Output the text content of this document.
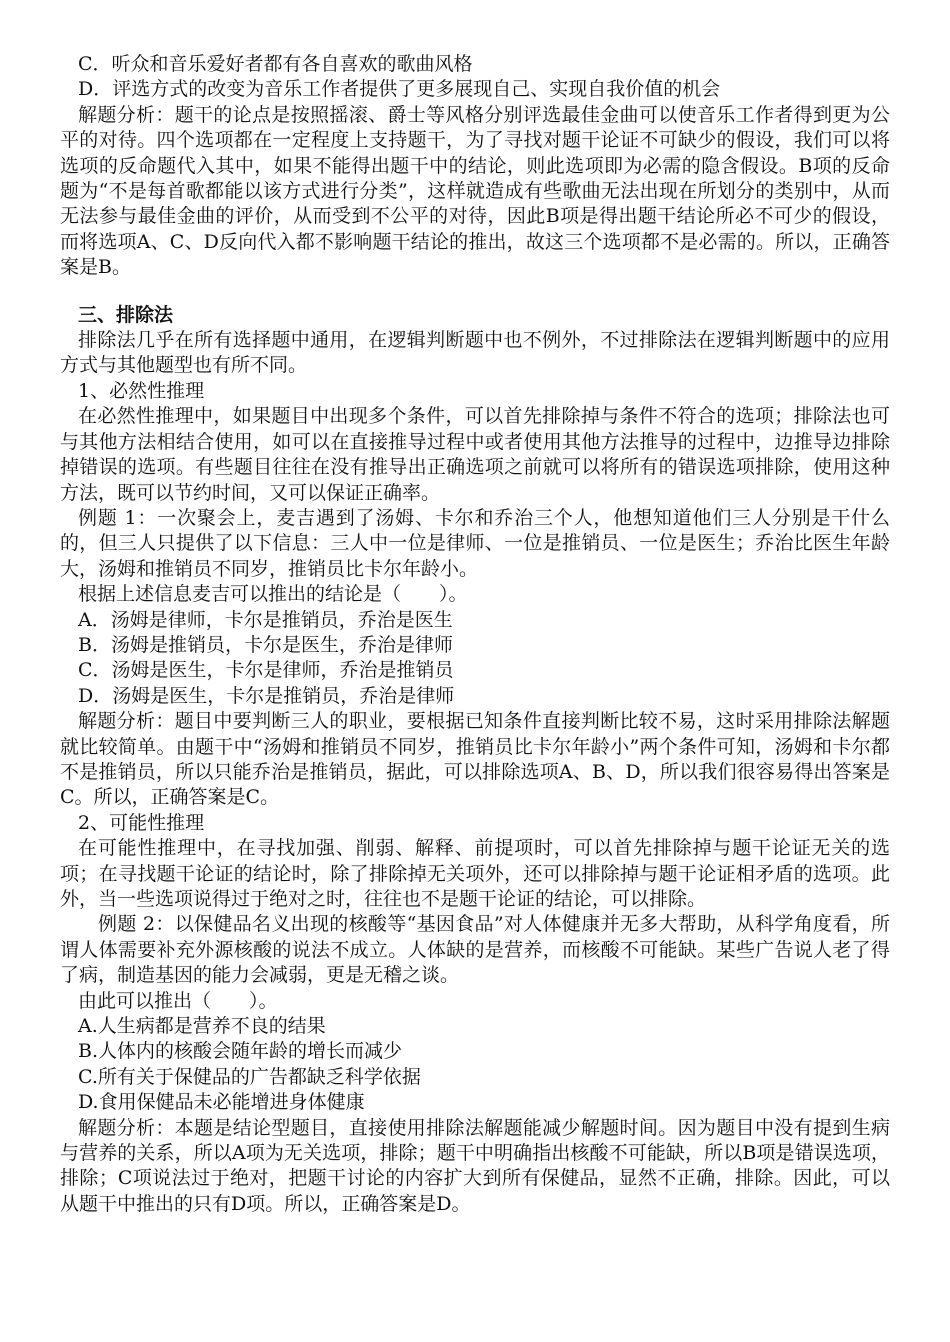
C．听众和音乐爱好者都有各自喜欢的歌曲风格

D．评选方式的改变为音乐工作者提供了更多展现自己、实现自我价值的机会

解题分析：题干的论点是按照摇滚、爵士等风格分别评选最佳金曲可以使音乐工作者得到更为公平的对待。四个选项都在一定程度上支持题干，为了寻找对题干论证不可缺少的假设，我们可以将选项的反命题代入其中，如果不能得出题干中的结论，则此选项即为必需的隐含假设。B项的反命题为“不是每首歌都能以该方式进行分类”，这样就造成有些歌曲无法出现在所划分的类别中，从而无法参与最佳金曲的评价，从而受到不公平的对待，因此B项是得出题干结论所必不可少的假设，而将选项A、C、D反向代入都不影响题干结论的推出，故这三个选项都不是必需的。所以，正确答案是B。

三、排除法

排除法几乎在所有选择题中通用，在逻辑判断题中也不例外，不过排除法在逻辑判断题中的应用方式与其他题型也有所不同。

1、必然性推理

在必然性推理中，如果题目中出现多个条件，可以首先排除掉与条件不符合的选项；排除法也可与其他方法相结合使用，如可以在直接推导过程中或者使用其他方法推导的过程中，边推导边排除掉错误的选项。有些题目往往在没有推导出正确选项之前就可以将所有的错误选项排除，使用这种方法，既可以节约时间，又可以保证正确率。

例题 1：一次聚会上，麦吉遇到了汤姆、卡尔和乔治三个人，他想知道他们三人分别是干什么的，但三人只提供了以下信息：三人中一位是律师、一位是推销员、一位是医生；乔治比医生年龄大，汤姆和推销员不同岁，推销员比卡尔年龄小。

根据上述信息麦吉可以推出的结论是（　　）。

A．汤姆是律师，卡尔是推销员，乔治是医生

B．汤姆是推销员，卡尔是医生，乔治是律师

C．汤姆是医生，卡尔是律师，乔治是推销员

D．汤姆是医生，卡尔是推销员，乔治是律师

解题分析：题目中要判断三人的职业，要根据已知条件直接判断比较不易，这时采用排除法解题就比较简单。由题干中“汤姆和推销员不同岁，推销员比卡尔年龄小”两个条件可知，汤姆和卡尔都不是推销员，所以只能乔治是推销员，据此，可以排除选项A、B、D，所以我们很容易得出答案是C。所以，正确答案是C。

2、可能性推理

在可能性推理中，在寻找加强、削弱、解释、前提项时，可以首先排除掉与题干论证无关的选项；在寻找题干论证的结论时，除了排除掉无关项外，还可以排除掉与题干论证相矛盾的选项。此外，当一些选项说得过于绝对之时，往往也不是题干论证的结论，可以排除。

例题 2：以保健品名义出现的核酸等“基因食品”对人体健康并无多大帮助，从科学角度看，所谓人体需要补充外源核酸的说法不成立。人体缺的是营养，而核酸不可能缺。某些广告说人老了得了病，制造基因的能力会减弱，更是无稽之谈。

由此可以推出（　　）。

A.人生病都是营养不良的结果

B.人体内的核酸会随年龄的增长而减少

C.所有关于保健品的广告都缺乏科学依据

D.食用保健品未必能增进身体健康

解题分析：本题是结论型题目，直接使用排除法解题能减少解题时间。因为题目中没有提到生病与营养的关系，所以A项为无关选项，排除；题干中明确指出核酸不可能缺，所以B项是错误选项，排除；C项说法过于绝对，把题干讨论的内容扩大到所有保健品，显然不正确，排除。因此，可以从题干中推出的只有D项。所以，正确答案是D。
